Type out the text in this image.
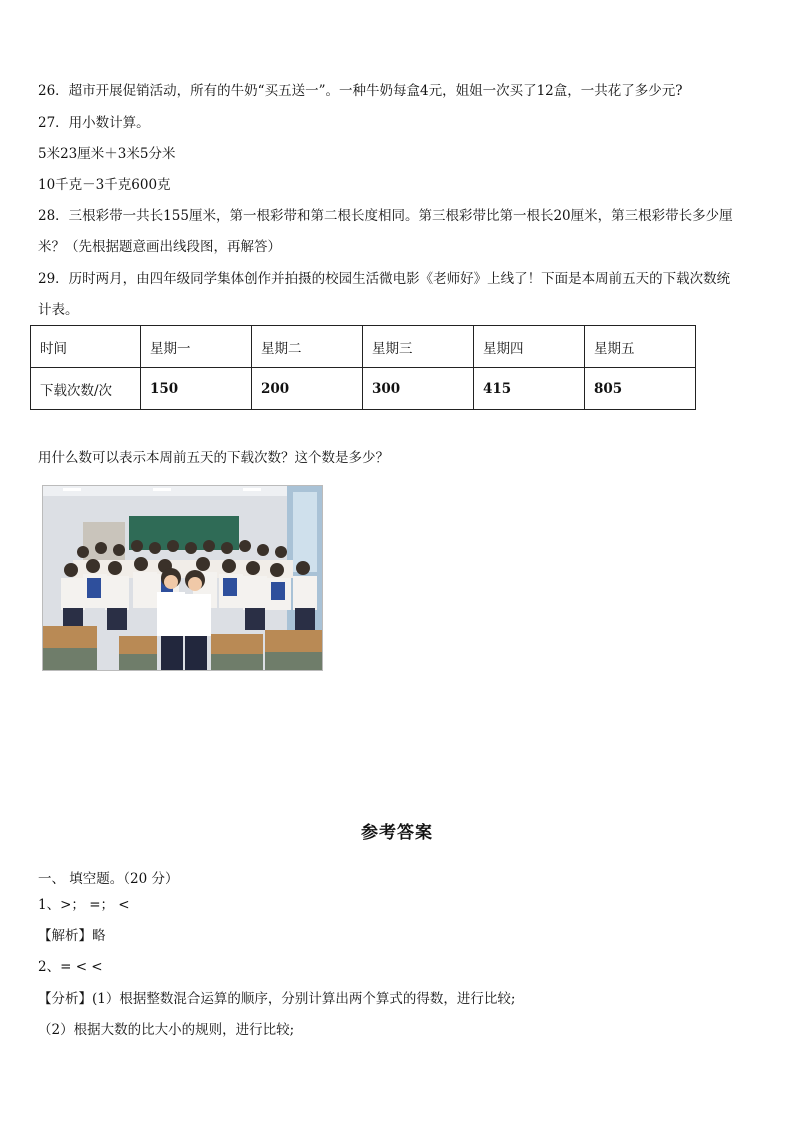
26．超市开展促销活动，所有的牛奶“买五送一”。一种牛奶每盒4元，姐姐一次买了12盒，一共花了多少元?
27．用小数计算。
5米23厘米＋3米5分米
10千克－3千克600克
28．三根彩带一共长155厘米，第一根彩带和第二根长度相同。第三根彩带比第一根长20厘米，第三根彩带长多少厘
米？（先根据题意画出线段图，再解答）
29．历时两月，由四年级同学集体创作并拍摄的校园生活微电影《老师好》上线了！下面是本周前五天的下载次数统
计表。
时间	星期一	星期二	星期三	星期四	星期五
下载次数/次	150	200	300	415	805
用什么数可以表示本周前五天的下载次数？这个数是多少？
参考答案
一、 填空题。（20 分）
1、>； =； <
【解析】略
2、= < <
【分析】(1）根据整数混合运算的顺序，分别计算出两个算式的得数，进行比较;
（2）根据大数的比大小的规则，进行比较;
